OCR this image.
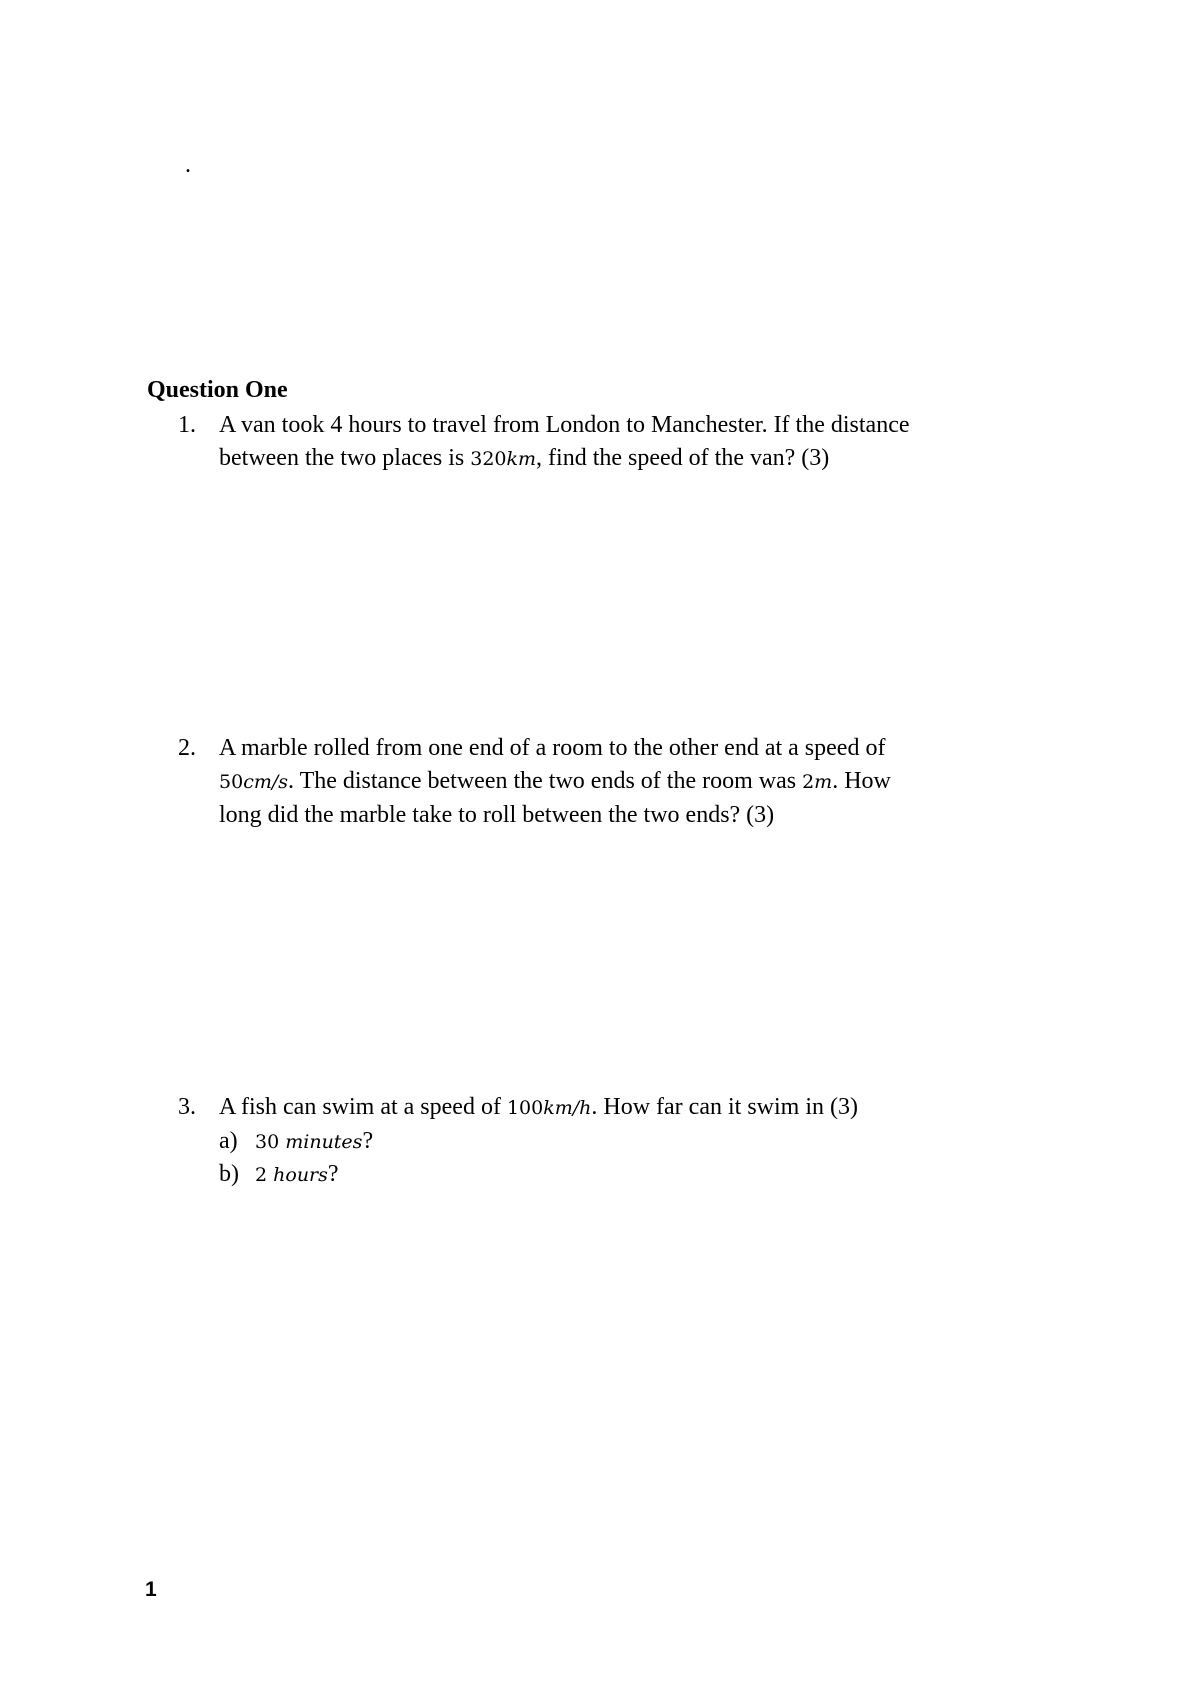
.
Question One
1. A van took 4 hours to travel from London to Manchester. If the distance
between the two places is 320km, find the speed of the van? (3)
2. A marble rolled from one end of a room to the other end at a speed of
50cm/s. The distance between the two ends of the room was 2m. How
long did the marble take to roll between the two ends? (3)
3. A fish can swim at a speed of 100km/h. How far can it swim in (3)
a) 30 minutes?
b) 2 hours?
1
